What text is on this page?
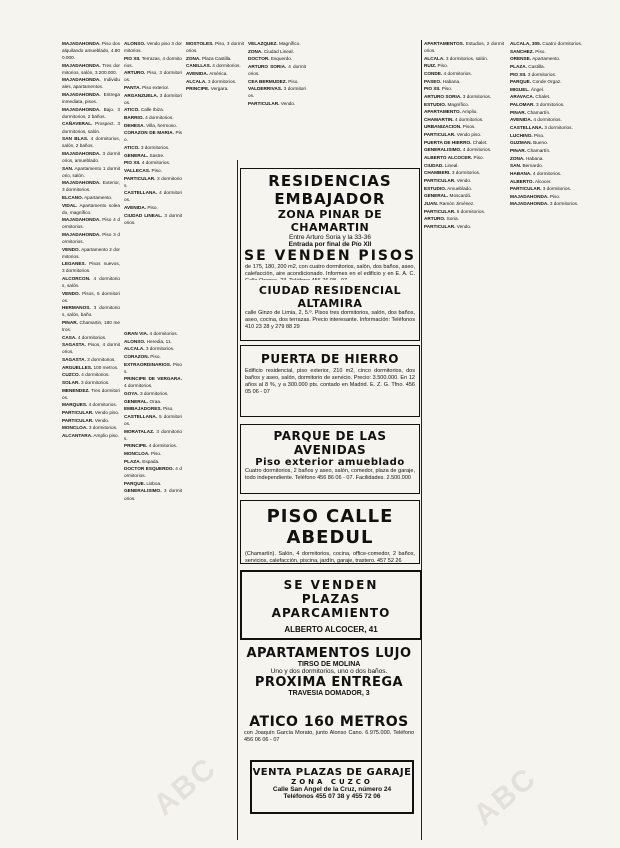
MAJADAHONDA. Piso dos alquilando amueblado, 4.800.000.

MAJADAHONDA. Tres dormitorios, salón, 3.200.000.

MAJADAHONDA. Individuales, apartamentos.

MAJADAHONDA. Entrega inmediata, pisos.

MAJADAHONDA. Bajo. 3 dormitorios, 2 baños.

CAÑAVERAL. Prospect. 3 dormitorios, salón.

SAN BLAS. 4 dormitorios, salón, 2 baños.

MAJADAHONDA. 3 dormitorios, amueblado.

SAN. Apartamento 1 dormitorio, salón.

MAJADAHONDA. Exterior, 3 dormitorios.

ELCANO. Apartamento.

VIDAL. Apartamento soleado, magnífico.

MAJADAHONDA. Piso 4 dormitorios.

MAJADAHONDA. Piso 3 dormitorios.

VENDO. Apartamento 2 dormitorios.

LEGANES. Pisos nuevos, 3 dormitorios.

ALCORCON. 4 dormitorios, salón.

VENDO. Pisos, 5 dormitorios.

HERMANOS. 3 dormitorios, salón, baño.

PINAR. Chamartin, 180 metros.

CASA. 4 dormitorios.

SAGASTA. Pisos, 4 dormitorios.

SAGASTA. 3 dormitorios.

ARGUELLES. 100 metros.

CUZCO. 4 dormitorios.

SOLAR. 3 dormitorios.

MENENDEZ. Tres dormitorios.

MARQUES. 4 dormitorios.

PARTICULAR. Vendo piso.

PARTICULAR. Vendo.

MONCLOA. 3 dormitorios.

ALCANTARA. Amplio piso.

ALONSO. Vendo piso 3 dormitorios.

PIO XII. Terrazas, 4 dormitorios.

ARTURO. Piso, 3 dormitorios.

PANTA. Piso exterior.

ARGANZUELA. 3 dormitorios.

ATICO. Calle Ibiza.

BARRIO. 4 dormitorios.

DEHESA. Villa, hermoso.

CORAZON DE MARIA. Piso.

ATICO. 3 dormitorios.

GENERAL. Sastre.

PIO XII. 4 dormitorios.

VALLECAS. Piso.

PARTICULAR. 3 dormitorios.

CASTELLANA. 4 dormitorios.

AVENIDA. Piso.

CIUDAD LINEAL. 3 dormitorios.

GRAN VIA. 4 dormitorios.

ALONSO. Heredia, 11.

ALCALA. 3 dormitorios.

CORAZON. Piso.

EXTRAORDINARIOS. Pisos.

PRINCIPE DE VERGARA. 4 dormitorios.

GOYA. 3 dormitorios.

GENERAL. Oraa.

EMBAJADORES. Piso.

CASTELLANA. 5 dormitorios.

MORATALAZ. 3 dormitorios.

PRINCIPE. 4 dormitorios.

MONCLOA. Piso.

PLAZA. Espada.

DOCTOR ESQUERDO. 4 dormitorios.

PARQUE. Lisboa.

GENERALISIMO. 3 dormitorios.

MOSTOLES. Piso, 3 dormitorios.

ZONA. Plaza Castilla.

CANILLAS. 4 dormitorios.

AVENIDA. América.

ALCALA. 3 dormitorios.

PRINCIPE. Vergara.

VELAZQUEZ. Magnífico.

ZONA. Ciudad Lineal.

DOCTOR. Esquerdo.

ARTURO SORIA. 4 dormitorios.

CEA BERMUDEZ. Piso.

VALDERRIVAS. 3 dormitorios.

PARTICULAR. Vendo.

APARTAMENTOS. Estudios, 2 dormitorios.

ALCALA. 3 dormitorios, salón.

RUIZ. Piso.

CONDE. 4 dormitorios.

PASEO. Habana.

PIO XII. Piso.

ARTURO SORIA. 3 dormitorios.

ESTUDIO. Magnífico.

APARTAMENTO. Amplio.

CHAMARTIN. 4 dormitorios.

URBANIZACION. Pisos.

PARTICULAR. Vendo piso.

PUERTA DE HIERRO. Chalet.

GENERALISIMO. 4 dormitorios.

ALBERTO ALCOCER. Piso.

CIUDAD. Lineal.

CHAMBERI. 3 dormitorios.

PARTICULAR. Vendo.

ESTUDIO. Amueblado.

GENERAL. Moscardó.

JUAN. Ramón Jiménez.

PARTICULAR. 5 dormitorios.

ARTURO. Soria.

PARTICULAR. Vendo.

ALCALA, 305. Cuatro dormitorios.

SANCHEZ. Piso.

ORENSE. Apartamento.

PLAZA. Castilla.

PIO XII. 3 dormitorios.

PARQUE. Conde Orgaz.

MIGUEL. Ángel.

ARAVACA. Chalet.

PALOMAR. 3 dormitorios.

PINAR. Chamartín.

AVENIDA. 4 dormitorios.

CASTELLANA. 3 dormitorios.

LUCHINO. Piso.

GUZMAN. Bueno.

PINAR. Chamartín.

ZONA. Habana.

SAN. Bernardo.

HABANA. 4 dormitorios.

ALBERTO. Alcocer.

PARTICULAR. 3 dormitorios.

MAJADAHONDA. Piso.

MAJADAHONDA. 3 dormitorios.

RESIDENCIAS EMBAJADOR
ZONA PINAR DE CHAMARTIN
Entre Arturo Soria y la 33-36
Entrada por final de Pío XII
SE VENDEN PISOS
de 175, 180, 200 m2, con cuatro dormitorios, salón, dos baños, aseo, calefacción, aire acondicionado. Informes en el edificio y en E. A. C.
CIUDAD RESIDENCIAL
ALTAMIRA
calle Ginzo de Limia, 2, 5.º. Pisos tres dormitorios, salón, dos baños, aseo, cocina, dos terrazas. Precio interesante. Información: Teléfonos 410 23 28 y 279 88 29
PUERTA DE HIERRO
Edificio residencial, piso exterior, 210 m2, cinco dormitorios, dos baños y aseo, salón, dormitorio de servicio. Precio: 3.500.000. En 12 años al 8 %, y a 300.000 pts. contado en Madrid. E. Z. G. Tfno. 456 05 06 - 07
PARQUE DE LAS AVENIDAS
Piso exterior amueblado
Cuatro dormitorios, 2 baños y aseo, salón, comedor, plaza de garaje, todo independiente. Teléfono 456 86 06 - 07. Facilidades. 2.500.000
PISO CALLE ABEDUL
(Chamartín). Salón, 4 dormitorios, cocina, office-comedor, 2 baños, servicios, calefacción, piscina, jardín, garaje, trastero. 457 52 26
SE VENDEN
PLAZAS APARCAMIENTO
ALBERTO ALCOCER, 41
APARTAMENTOS LUJO
TIRSO DE MOLINA
Uno y dos dormitorios, uno o dos baños.
PROXIMA ENTREGA
TRAVESIA DOMADOR, 3
ATICO 160 METROS
con Joaquín García Morato, junto Alonso Cano. 6.975.000. Teléfono 456 06 06 - 07
VENTA PLAZAS DE GARAJE
ZONA CUZCO
Calle San Angel de la Cruz, número 24
Teléfonos 455 07 38 y 455 72 06
ABC	ABC
